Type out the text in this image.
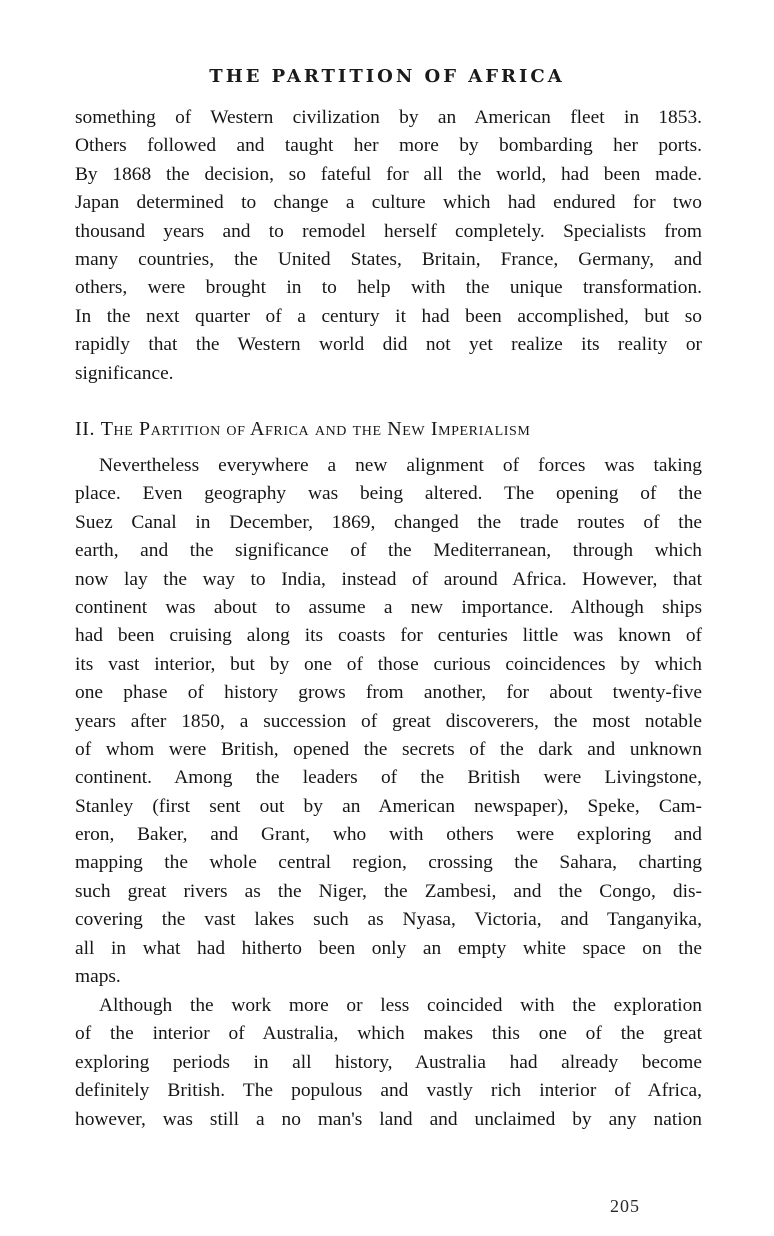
THE PARTITION OF AFRICA
something of Western civilization by an American fleet in 1853.
Others followed and taught her more by bombarding her ports.
By 1868 the decision, so fateful for all the world, had been made.
Japan determined to change a culture which had endured for two
thousand years and to remodel herself completely. Specialists from
many countries, the United States, Britain, France, Germany, and
others, were brought in to help with the unique transformation.
In the next quarter of a century it had been accomplished, but so
rapidly that the Western world did not yet realize its reality or
significance.
II. The Partition of Africa and the New Imperialism
Nevertheless everywhere a new alignment of forces was taking
place. Even geography was being altered. The opening of the
Suez Canal in December, 1869, changed the trade routes of the
earth, and the significance of the Mediterranean, through which
now lay the way to India, instead of around Africa. However, that
continent was about to assume a new importance. Although ships
had been cruising along its coasts for centuries little was known of
its vast interior, but by one of those curious coincidences by which
one phase of history grows from another, for about twenty-five
years after 1850, a succession of great discoverers, the most notable
of whom were British, opened the secrets of the dark and unknown
continent. Among the leaders of the British were Livingstone,
Stanley (first sent out by an American newspaper), Speke, Cam-
eron, Baker, and Grant, who with others were exploring and
mapping the whole central region, crossing the Sahara, charting
such great rivers as the Niger, the Zambesi, and the Congo, dis-
covering the vast lakes such as Nyasa, Victoria, and Tanganyika,
all in what had hitherto been only an empty white space on the
maps.
Although the work more or less coincided with the exploration
of the interior of Australia, which makes this one of the great
exploring periods in all history, Australia had already become
definitely British. The populous and vastly rich interior of Africa,
however, was still a no man's land and unclaimed by any nation
205
